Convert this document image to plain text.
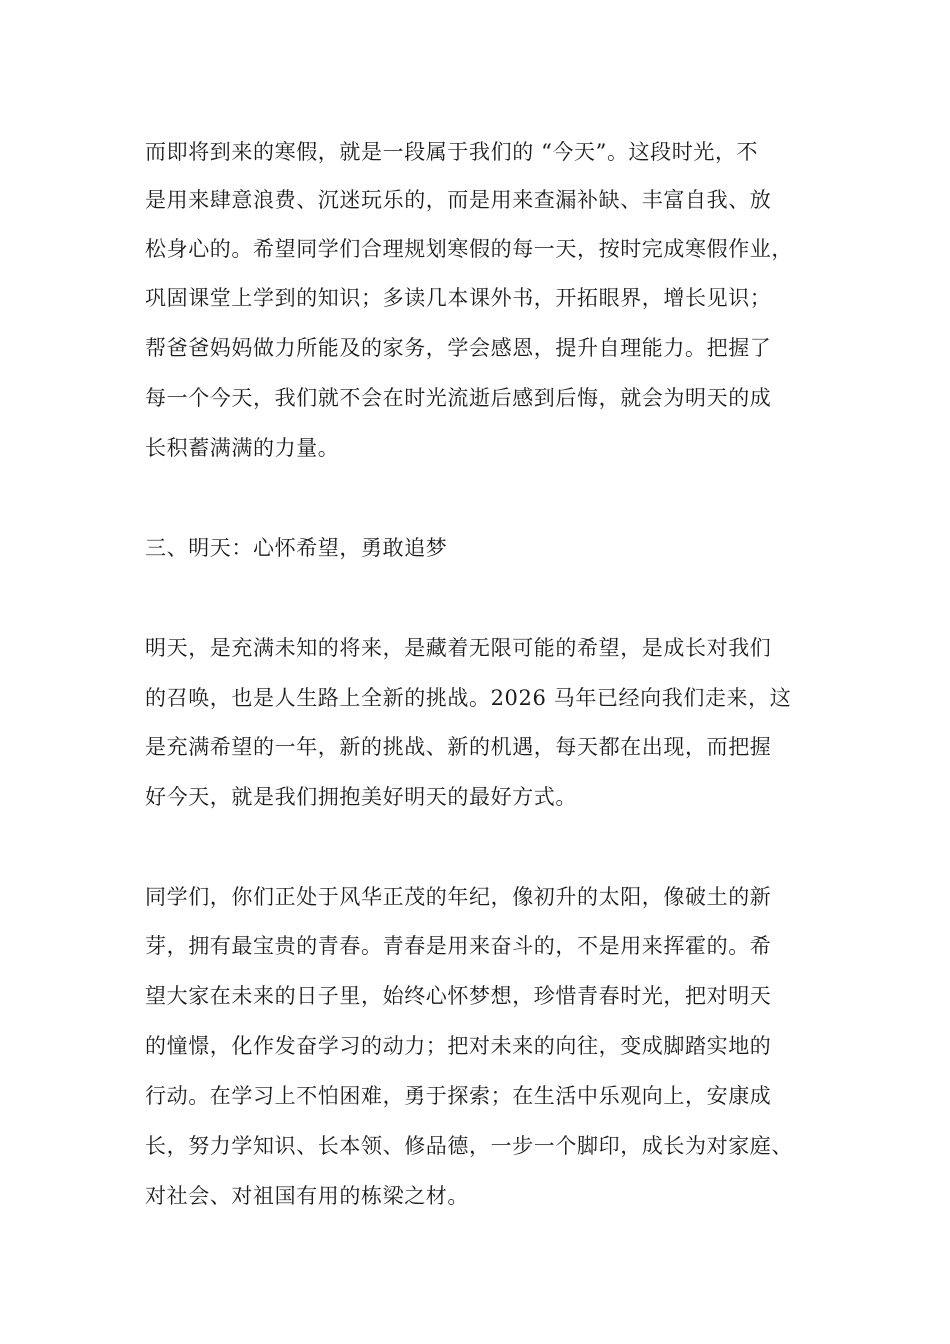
而即将到来的寒假，就是一段属于我们的 “今天”。这段时光，不
是用来肆意浪费、沉迷玩乐的，而是用来查漏补缺、丰富自我、放
松身心的。希望同学们合理规划寒假的每一天，按时完成寒假作业，
巩固课堂上学到的知识；多读几本课外书，开拓眼界，增长见识；
帮爸爸妈妈做力所能及的家务，学会感恩，提升自理能力。把握了
每一个今天，我们就不会在时光流逝后感到后悔，就会为明天的成
长积蓄满满的力量。
三、明天：心怀希望，勇敢追梦
明天，是充满未知的将来，是藏着无限可能的希望，是成长对我们
的召唤，也是人生路上全新的挑战。2026 马年已经向我们走来，这
是充满希望的一年，新的挑战、新的机遇，每天都在出现，而把握
好今天，就是我们拥抱美好明天的最好方式。
同学们，你们正处于风华正茂的年纪，像初升的太阳，像破土的新
芽，拥有最宝贵的青春。青春是用来奋斗的，不是用来挥霍的。希
望大家在未来的日子里，始终心怀梦想，珍惜青春时光，把对明天
的憧憬，化作发奋学习的动力；把对未来的向往，变成脚踏实地的
行动。在学习上不怕困难，勇于探索；在生活中乐观向上，安康成
长，努力学知识、长本领、修品德，一步一个脚印，成长为对家庭、
对社会、对祖国有用的栋梁之材。
